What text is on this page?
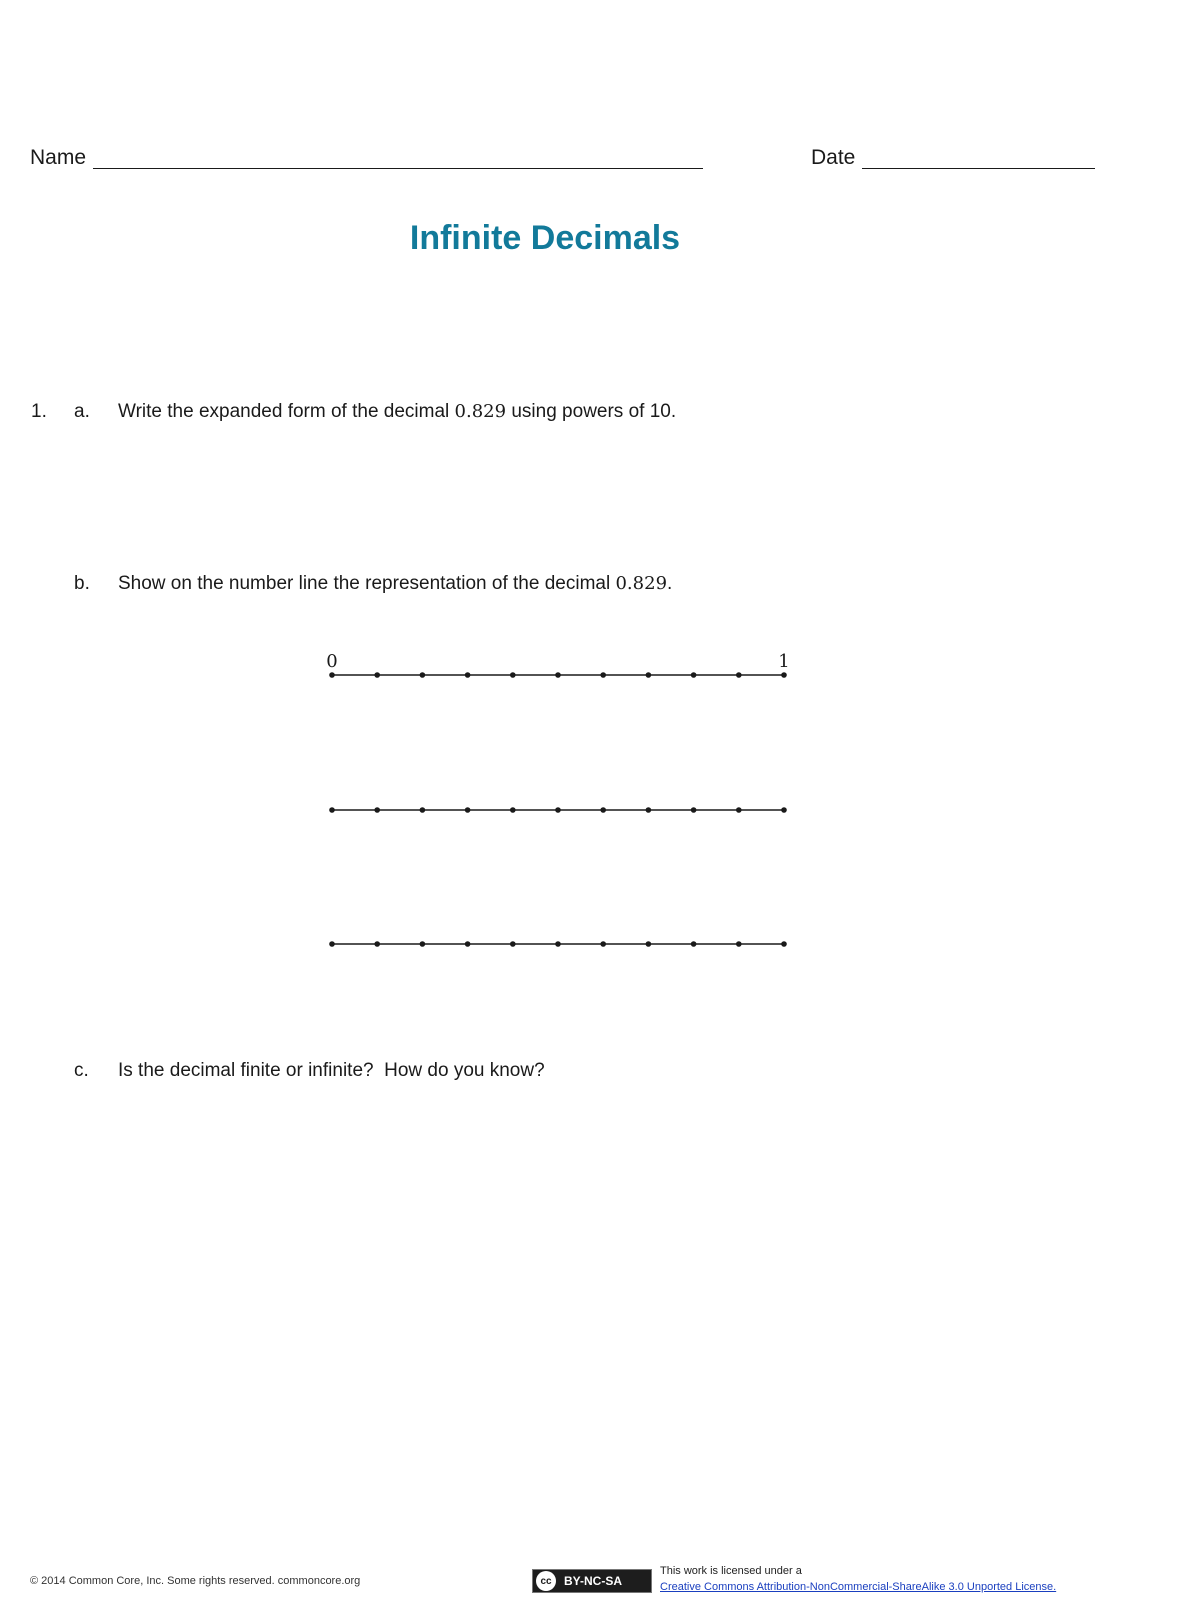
Name	Date
Infinite Decimals
1. a. Write the expanded form of the decimal 0.829 using powers of 10.
b. Show on the number line the representation of the decimal 0.829.
0	1
c. Is the decimal finite or infinite?  How do you know?
© 2014 Common Core, Inc. Some rights reserved. commoncore.org	cc	BY-NC-SA
This work is licensed under a
Creative Commons Attribution-NonCommercial-ShareAlike 3.0 Unported License.
